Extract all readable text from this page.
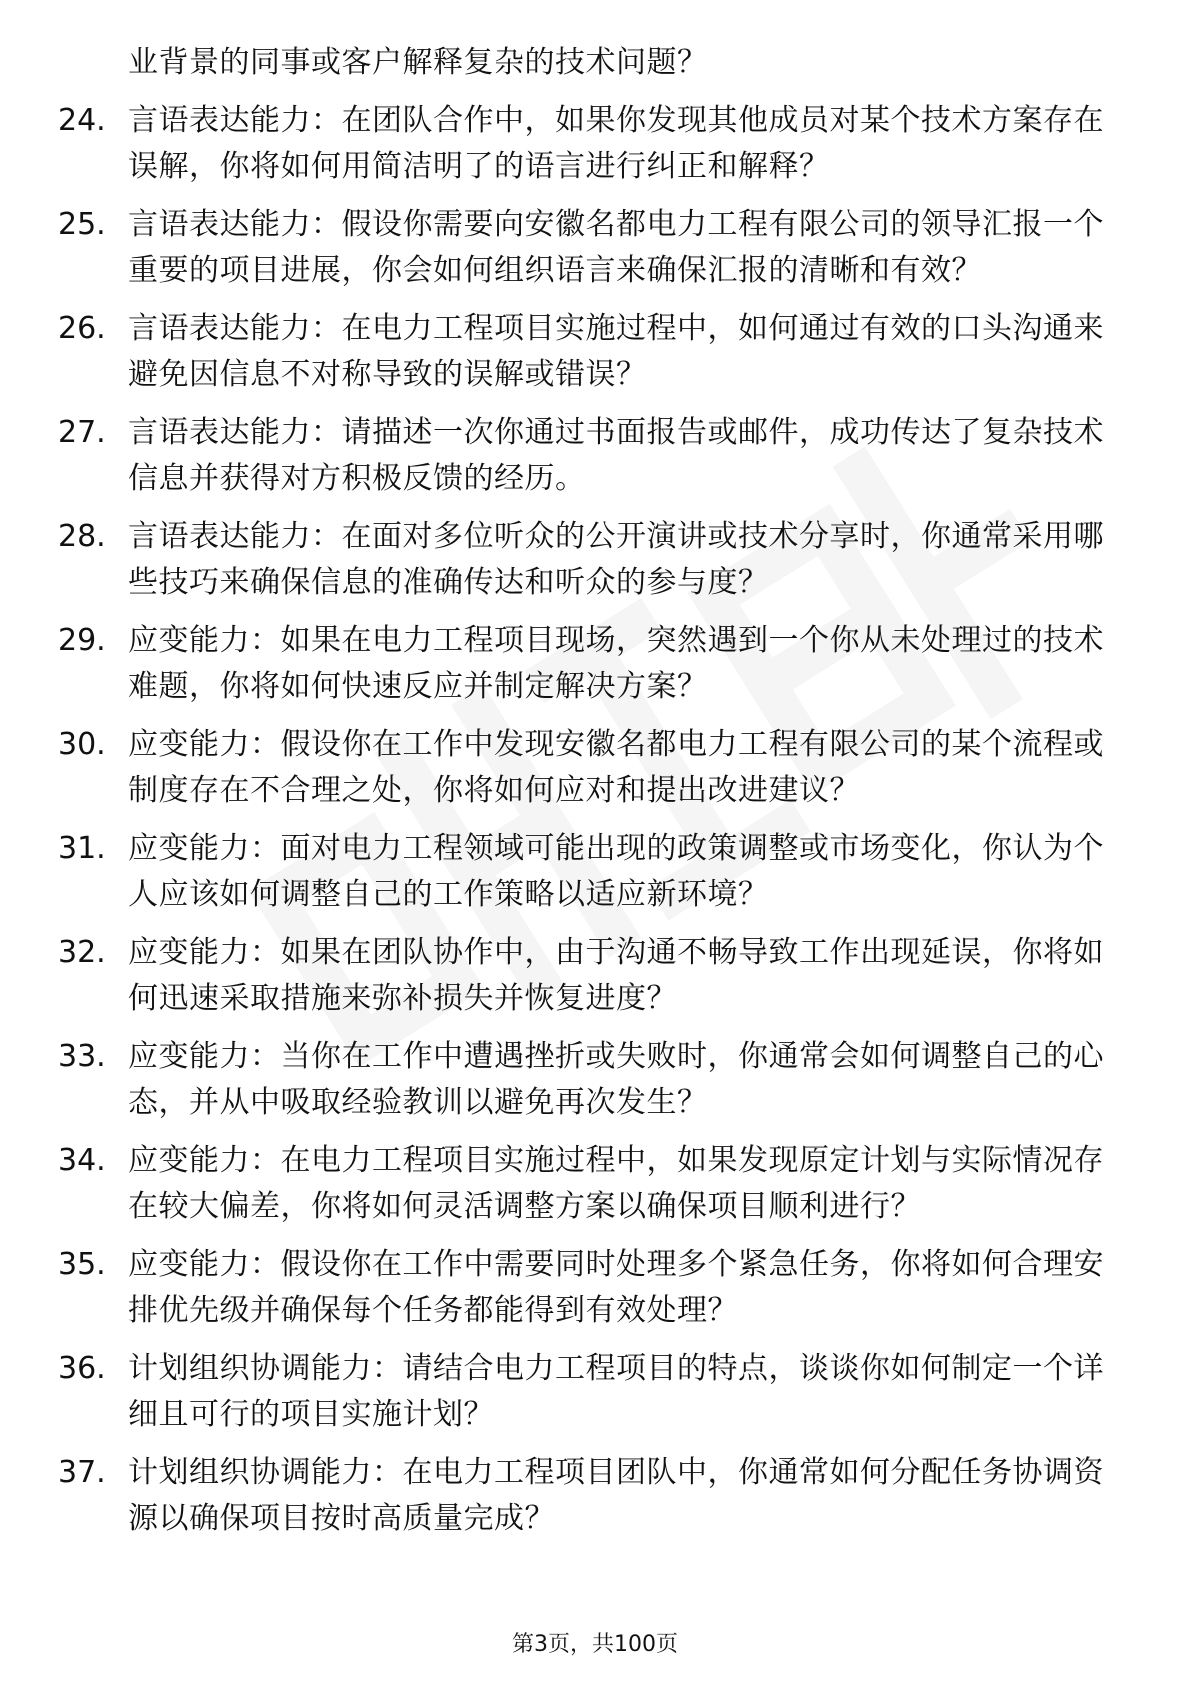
业背景的同事或客户解释复杂的技术问题？
24. 言语表达能力：在团队合作中，如果你发现其他成员对某个技术方案存在误解，你将如何用简洁明了的语言进行纠正和解释？
25. 言语表达能力：假设你需要向安徽名都电力工程有限公司的领导汇报一个重要的项目进展，你会如何组织语言来确保汇报的清晰和有效？
26. 言语表达能力：在电力工程项目实施过程中，如何通过有效的口头沟通来避免因信息不对称导致的误解或错误？
27. 言语表达能力：请描述一次你通过书面报告或邮件，成功传达了复杂技术信息并获得对方积极反馈的经历。
28. 言语表达能力：在面对多位听众的公开演讲或技术分享时，你通常采用哪些技巧来确保信息的准确传达和听众的参与度？
29. 应变能力：如果在电力工程项目现场，突然遇到一个你从未处理过的技术难题，你将如何快速反应并制定解决方案？
30. 应变能力：假设你在工作中发现安徽名都电力工程有限公司的某个流程或制度存在不合理之处，你将如何应对和提出改进建议？
31. 应变能力：面对电力工程领域可能出现的政策调整或市场变化，你认为个人应该如何调整自己的工作策略以适应新环境？
32. 应变能力：如果在团队协作中，由于沟通不畅导致工作出现延误，你将如何迅速采取措施来弥补损失并恢复进度？
33. 应变能力：当你在工作中遭遇挫折或失败时，你通常会如何调整自己的心态，并从中吸取经验教训以避免再次发生？
34. 应变能力：在电力工程项目实施过程中，如果发现原定计划与实际情况存在较大偏差，你将如何灵活调整方案以确保项目顺利进行？
35. 应变能力：假设你在工作中需要同时处理多个紧急任务，你将如何合理安排优先级并确保每个任务都能得到有效处理？
36. 计划组织协调能力：请结合电力工程项目的特点，谈谈你如何制定一个详细且可行的项目实施计划？
37. 计划组织协调能力：在电力工程项目团队中，你通常如何分配任务协调资源以确保项目按时高质量完成？
第3页，共100页
